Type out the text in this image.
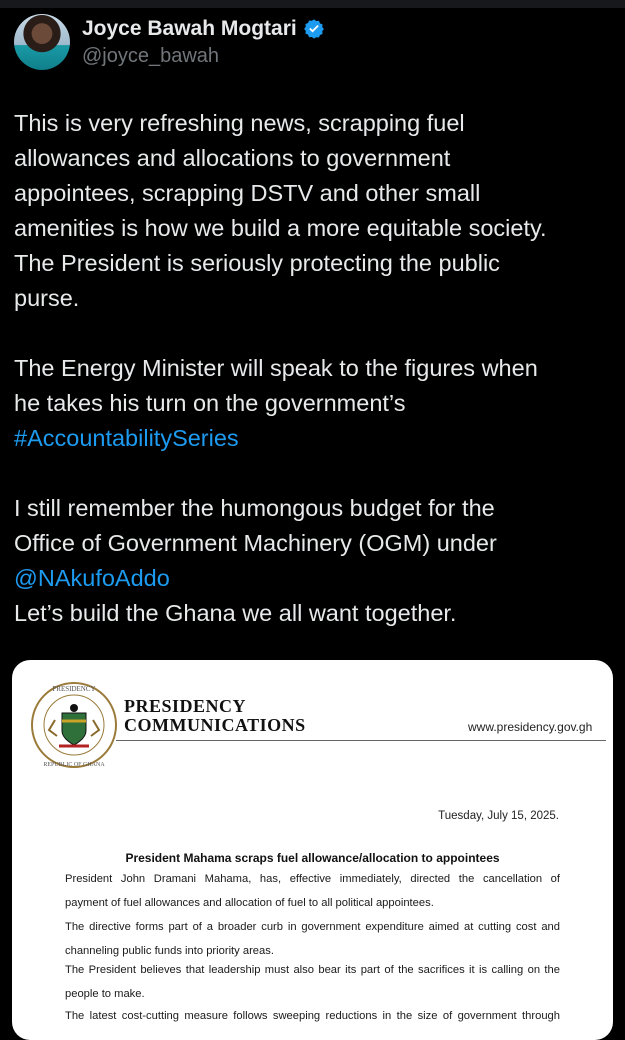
Joyce Bawah Mogtari
@joyce_bawah

This is very refreshing news, scrapping fuel
allowances and allocations to government
appointees, scrapping DSTV and other small
amenities is how we build a more equitable society.
The President is seriously protecting the public
purse.

The Energy Minister will speak to the figures when
he takes his turn on the government’s
#AccountabilitySeries

I still remember the humongous budget for the
Office of Government Machinery (OGM) under
@NAkufoAddo
Let’s build the Ghana we all want together.

PRESIDENCY
REPUBLIC OF GHANA
PRESIDENCY
COMMUNICATIONS	www.presidency.gov.gh
Tuesday, July 15, 2025.
President Mahama scraps fuel allowance/allocation to appointees
President John Dramani Mahama, has, effective immediately, directed the cancellation of
payment of fuel allowances and allocation of fuel to all political appointees.
The directive forms part of a broader curb in government expenditure aimed at cutting cost and
channeling public funds into priority areas.
The President believes that leadership must also bear its part of the sacrifices it is calling on the
people to make.
The latest cost-cutting measure follows sweeping reductions in the size of government through
